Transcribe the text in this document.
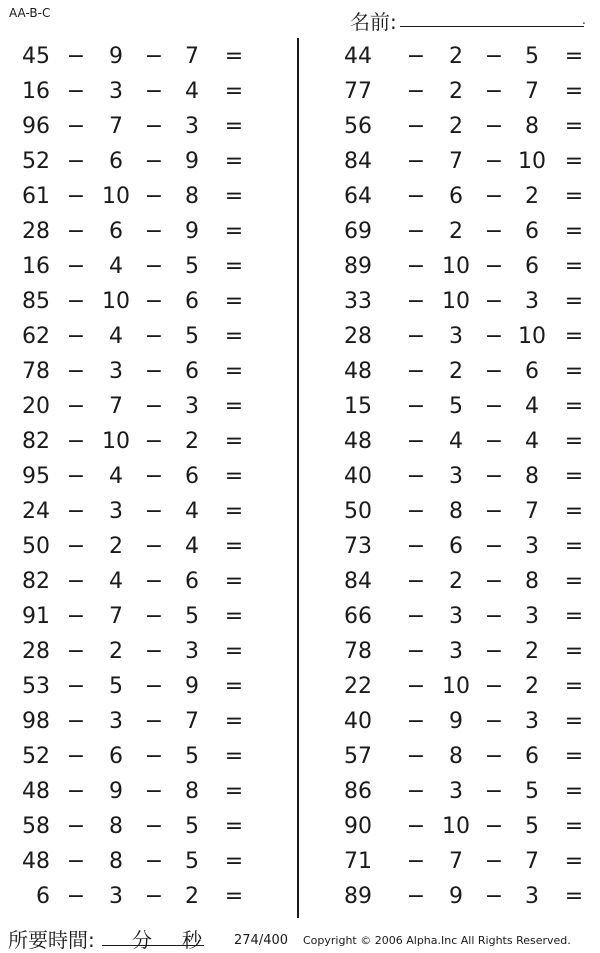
AA-B-C	名前:	.
45 −	9 − 7	=
16 −	3 − 4	=
96 −	7 − 3	=
52 −	6 − 9	=
61 − 10 − 8	=
28 −	6 − 9	=
16 −	4 − 5	=
85 − 10 − 6	=
62 −	4 − 5	=
78 −	3 − 6	=
20 −	7 − 3	=
82 − 10 − 2	=
95 −	4 − 6	=
24 −	3 − 4	=
50 −	2 − 4	=
82 −	4 − 6	=
91 −	7 − 5	=
28 −	2 − 3	=
53 −	5 − 9	=
98 −	3 − 7	=
52 −	6 − 5	=
48 −	9 − 8	=
58 −	8 − 5	=
48 −	8 − 5	=
6 −	3 − 2	=
44 −	2 − 5	=
77 −	2 − 7	=
56 −	2 − 8	=
84 −	7 − 10 =
64 −	6 − 2	=
69 −	2 − 6	=
89 − 10 − 6	=
33 − 10 − 3	=
28 −	3 − 10 =
48 −	2 − 6	=
15 −	5 − 4	=
48 −	4 − 4	=
40 −	3 − 8	=
50 −	8 − 7	=
73 −	6 − 3	=
84 −	2 − 8	=
66 −	3 − 3	=
78 −	3 − 2	=
22 − 10 − 2	=
40 −	9 − 3	=
57 −	8 − 6	=
86 −	3 − 5	=
90 − 10 − 5	=
71 −	7 − 7	=
89 −	9 − 3	=
所要時間: 分 秒 274/400 Copyright © 2006 Alpha.Inc All Rights Reserved.
